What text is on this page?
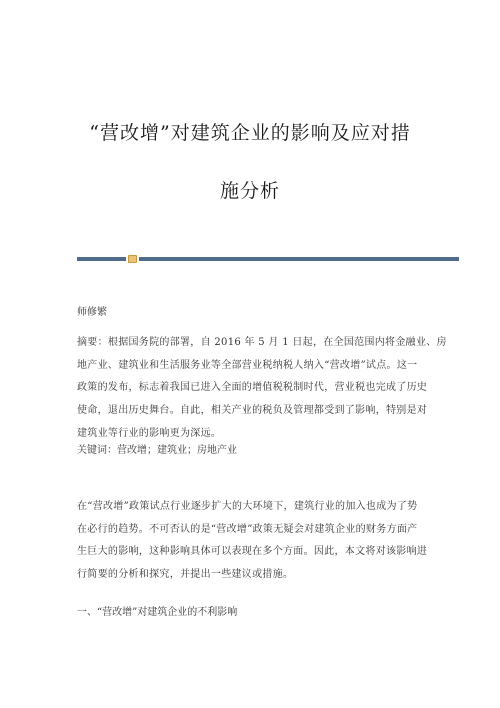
“营改增”对建筑企业的影响及应对措
施分析
师修繁
摘要：根据国务院的部署，自 2016 年 5 月 1 日起，在全国范围内将金融业、房
地产业、建筑业和生活服务业等全部营业税纳税人纳入“营改增”试点。这一
政策的发布，标志着我国已进入全面的增值税税制时代，营业税也完成了历史
使命，退出历史舞台。自此，相关产业的税负及管理都受到了影响，特别是对
建筑业等行业的影响更为深远。
关键词：营改增；建筑业；房地产业
在“营改增”政策试点行业逐步扩大的大环境下，建筑行业的加入也成为了势
在必行的趋势。不可否认的是“营改增”政策无疑会对建筑企业的财务方面产
生巨大的影响，这种影响具体可以表现在多个方面。因此，本文将对该影响进
行简要的分析和探究，并提出一些建议或措施。
一、“营改增”对建筑企业的不利影响
